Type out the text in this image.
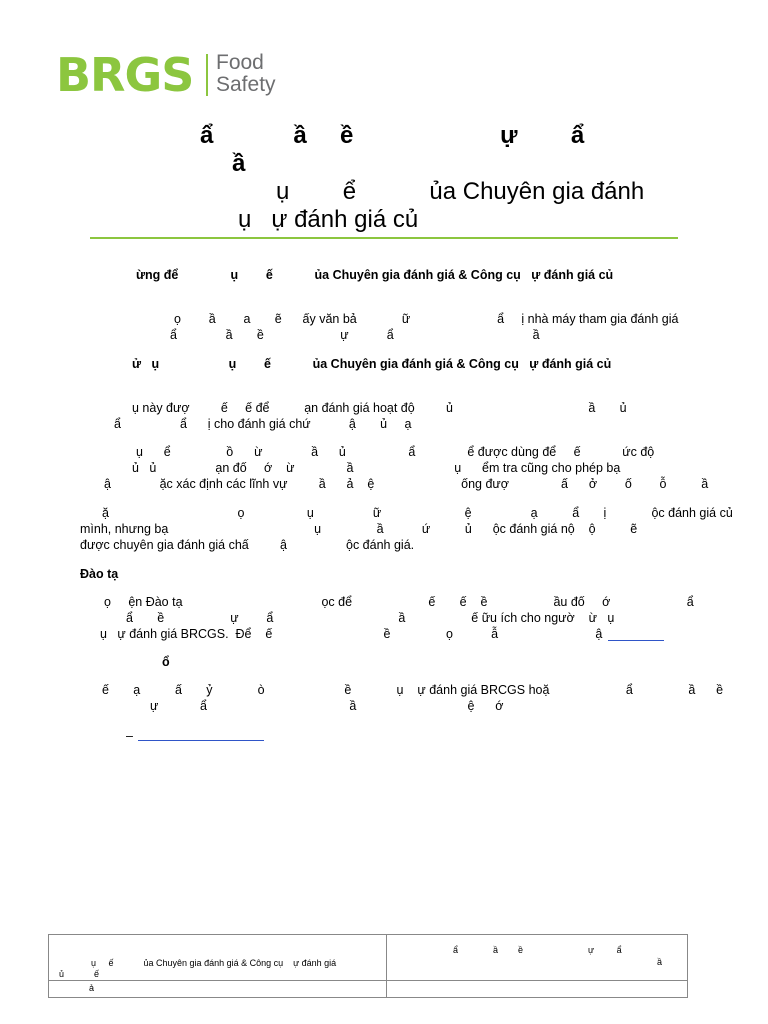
BRGS Food
Safety
ẩ            ầ     ề                      ự        ẩ
ầ
ụ        ể           ủa Chuyên gia đánh
ụ   ự đánh giá củ
ừng để               ụ        ế            ủa Chuyên gia đánh giá & Công cụ   ự đánh giá củ
ọ        ầ        a       ẽ      ấy văn bả             ữ                         ẩ     ị nhà máy tham gia đánh giá
ẩ              ầ       ề                      ự           ẩ                                        ầ
ử   ụ                    ụ        ế            ủa Chuyên gia đánh giá & Công cụ   ự đánh giá củ
ụ này đượ         ế     ế để          ạn đánh giá hoạt độ         ủ                                       ầ       ủ
ẩ                 ẩ      ị cho đánh giá chứ           ậ       ủ     ạ
ụ      ể                ồ      ừ              ầ      ủ                  ẩ               ể được dùng để     ế            ức độ
ủ   ủ                 ạn đố     ớ    ừ               ầ                             ụ      ểm tra cũng cho phép bạ
ậ              ặc xác định các lĩnh vự         ầ      ả    ệ                         ống đượ               ấ      ở        ố        ỗ          ầ
ặ                                     ọ                  ụ                 ữ                        ệ                 ạ          ẩ       ị             ộc đánh giá củ
mình, nhưng bạ                                          ụ                ầ           ứ          ủ      ộc đánh giá nộ    ộ          ẽ
được chuyên gia đánh giá chấ         ậ                 ộc đánh giá.
Đào tạ
ọ     ện Đào tạ                                        ọc để                      ế       ế    ề                   ầu đố     ớ                      ẩ
ẩ       ề                   ự        ẩ                                    ầ                   ế ữu ích cho ngườ    ừ   ụ
ụ   ự đánh giá BRCGS.  Để    ế                                ề                ọ           ẫ                            ậ
ổ
ế       ạ          ấ       ỷ             ò                       ề             ụ    ự đánh giá BRCGS hoặ                      ẩ                ầ      ề
ự            ẩ                                         ầ                                ệ      ớ
–
ụ     ế            ủa Chuyên gia đánh giá & Công cụ    ự đánh giá
ủ            ế
ả
ẩ              ầ        ề                          ự         ẩ
ầ
